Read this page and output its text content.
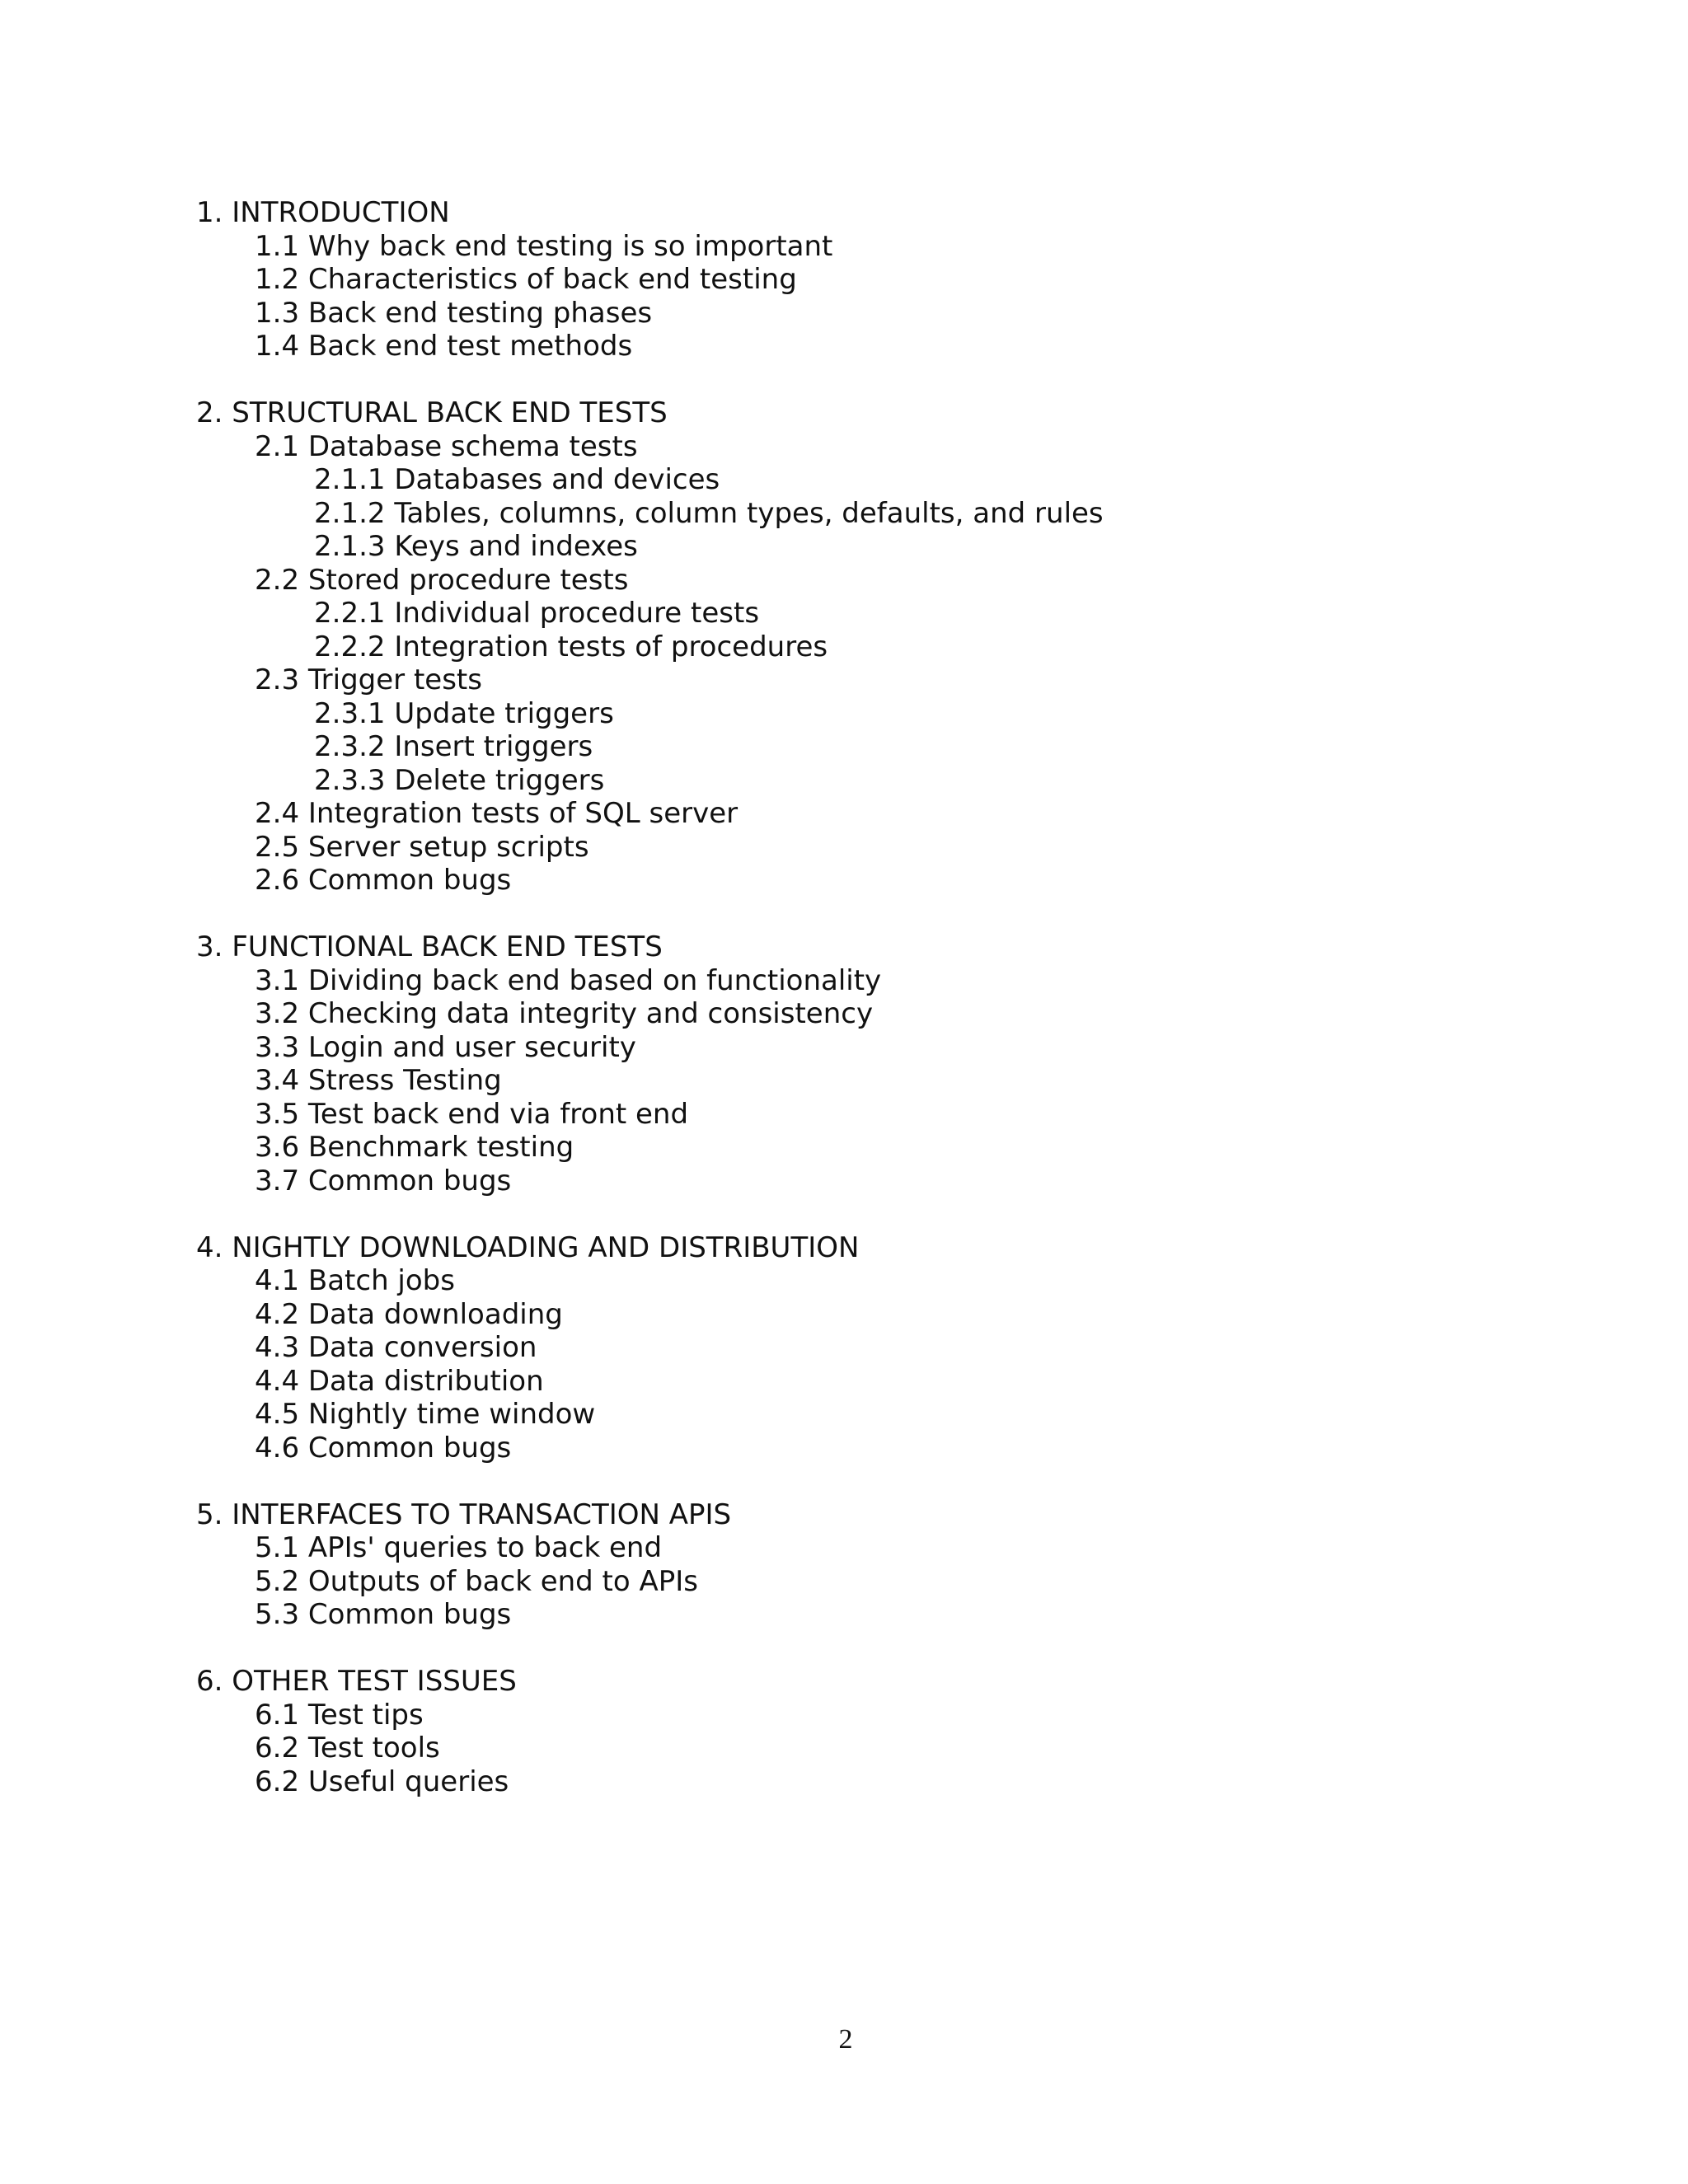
1. INTRODUCTION
1.1 Why back end testing is so important
1.2 Characteristics of back end testing
1.3 Back end testing phases
1.4 Back end test methods
2. STRUCTURAL BACK END TESTS
2.1 Database schema tests
2.1.1 Databases and devices
2.1.2 Tables, columns, column types, defaults, and rules
2.1.3 Keys and indexes
2.2 Stored procedure tests
2.2.1 Individual procedure tests
2.2.2 Integration tests of procedures
2.3 Trigger tests
2.3.1 Update triggers
2.3.2 Insert triggers
2.3.3 Delete triggers
2.4 Integration tests of SQL server
2.5 Server setup scripts
2.6 Common bugs
3. FUNCTIONAL BACK END TESTS
3.1 Dividing back end based on functionality
3.2 Checking data integrity and consistency
3.3 Login and user security
3.4 Stress Testing
3.5 Test back end via front end
3.6 Benchmark testing
3.7 Common bugs
4. NIGHTLY DOWNLOADING AND DISTRIBUTION
4.1 Batch jobs
4.2 Data downloading
4.3 Data conversion
4.4 Data distribution
4.5 Nightly time window
4.6 Common bugs
5. INTERFACES TO TRANSACTION APIS
5.1 APIs' queries to back end
5.2 Outputs of back end to APIs
5.3 Common bugs
6. OTHER TEST ISSUES
6.1 Test tips
6.2 Test tools
6.2 Useful queries
2
